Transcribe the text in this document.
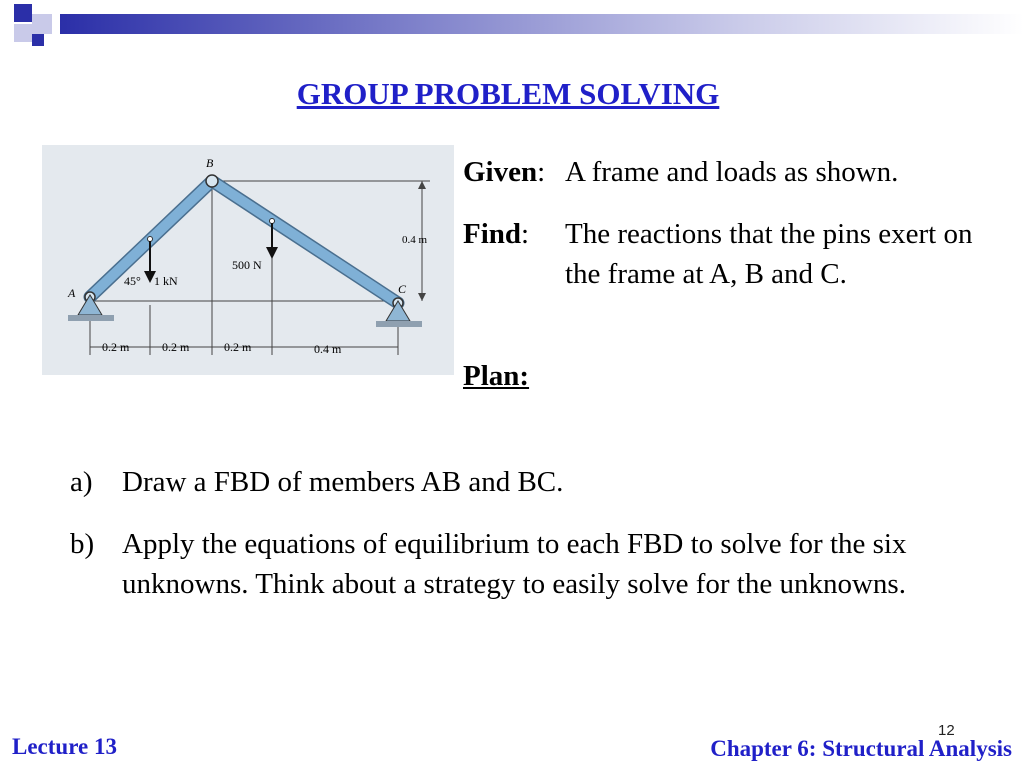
GROUP PROBLEM SOLVING
B
A	C
1 kN
500 N
45°
0.4 m
0.2 m	0.2 m	0.2 m	0.4 m
Given: A frame and loads as shown.
Find: The reactions that the pins exert on the frame at A, B and C.
Plan:
a) Draw a FBD of members AB and BC.
b) Apply the equations of equilibrium to each FBD to solve for the six unknowns. Think about a strategy to easily solve for the unknowns.
12
Lecture 13	Chapter 6: Structural Analysis
